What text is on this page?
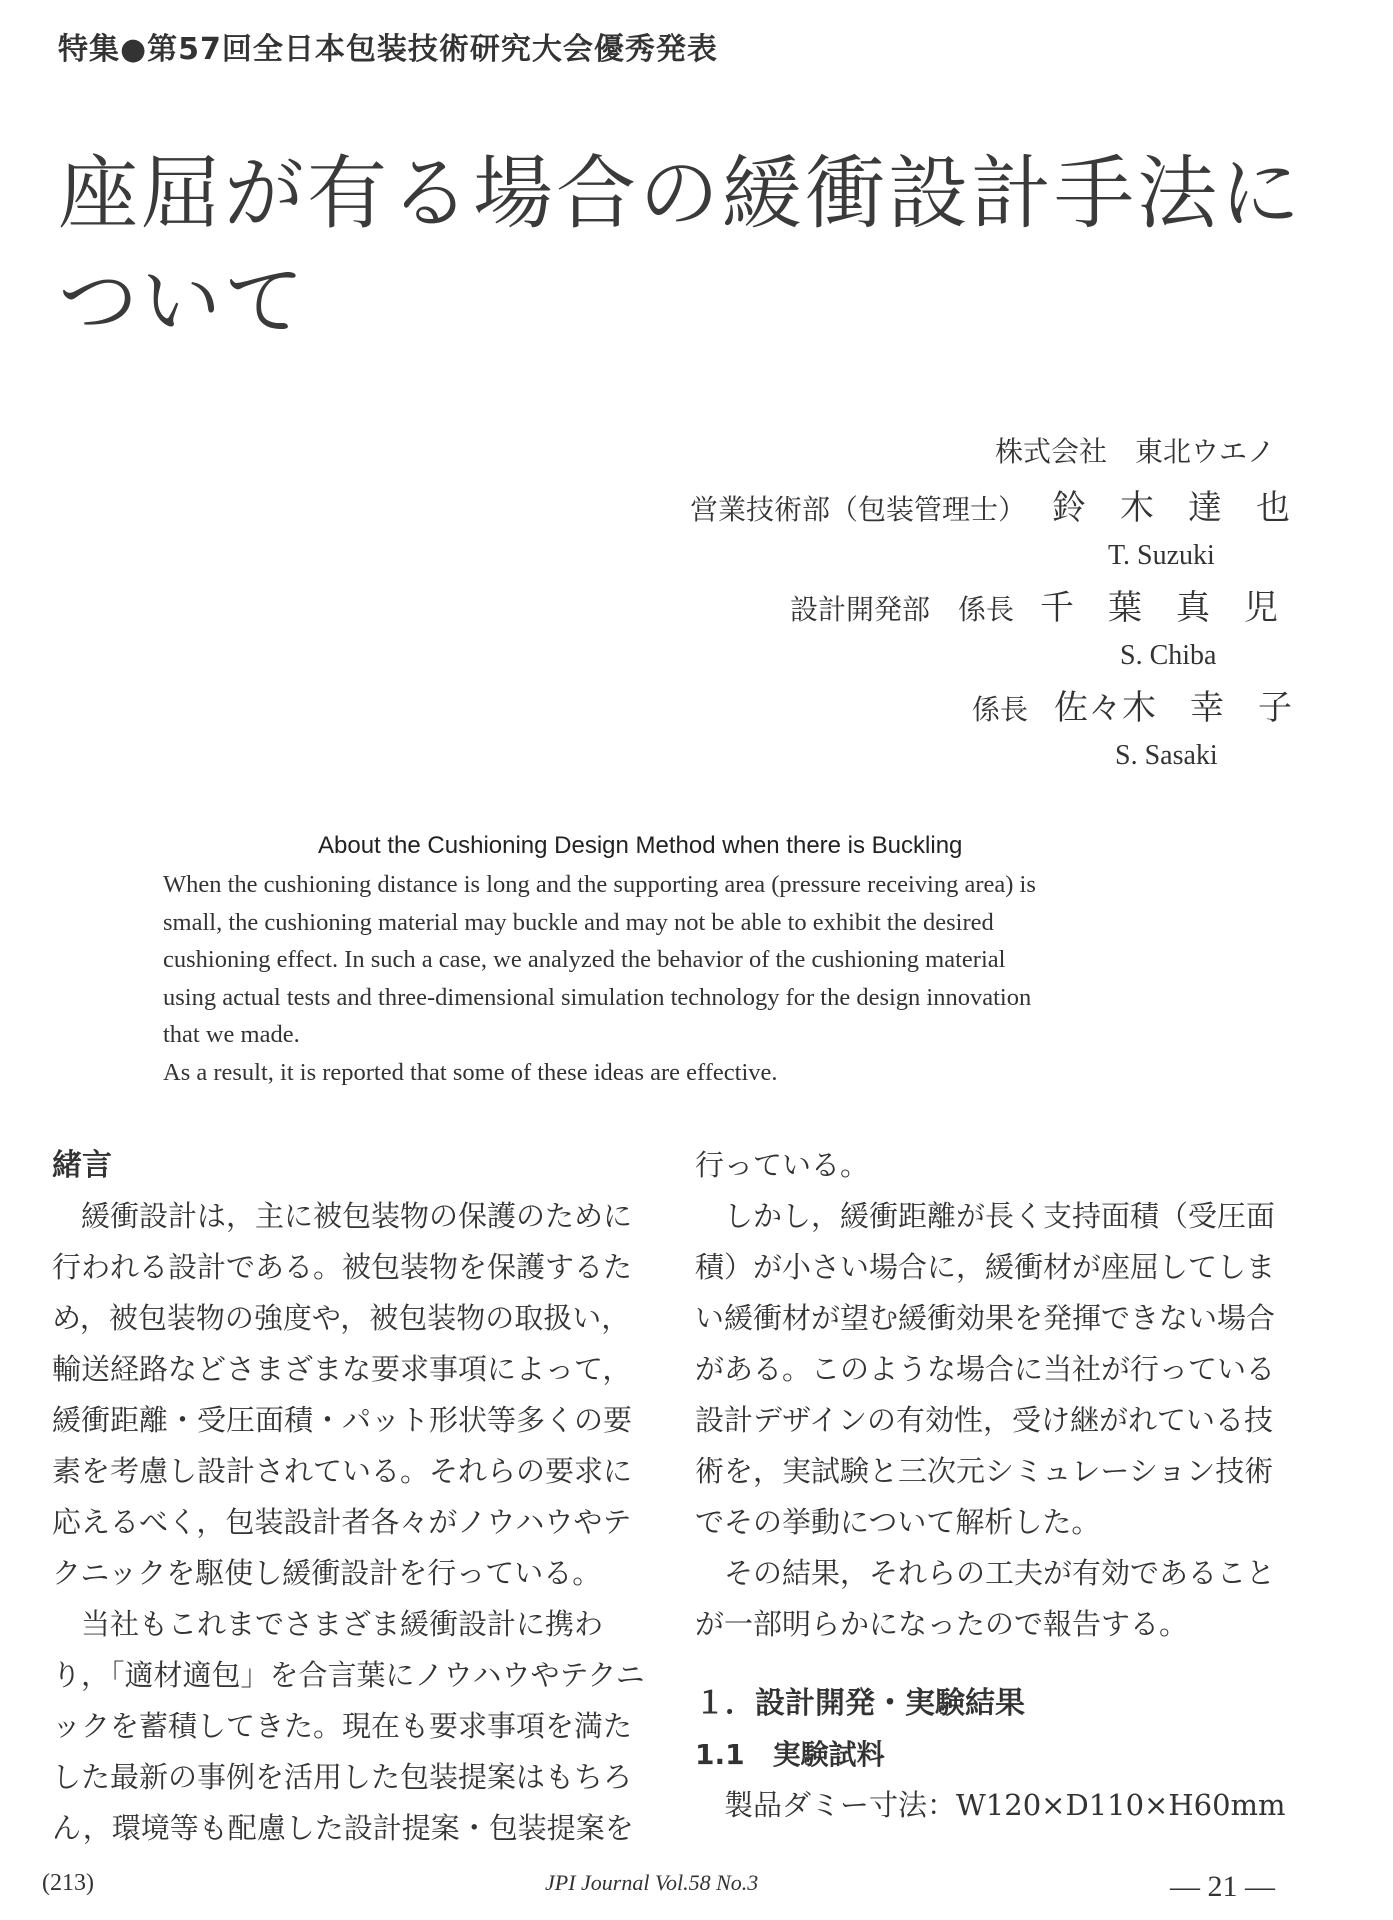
特集●第57回全日本包装技術研究大会優秀発表
座屈が有る場合の緩衝設計手法に
ついて
株式会社　東北ウエノ
営業技術部（包装管理士） 鈴　木　達　也
T. Suzuki
設計開発部　係長 千　葉　真　児
S. Chiba
係長 佐々木　幸　子
S. Sasaki
About the Cushioning Design Method when there is Buckling
When the cushioning distance is long and the supporting area (pressure receiving area) is
small, the cushioning material may buckle and may not be able to exhibit the desired
cushioning effect. In such a case, we analyzed the behavior of the cushioning material
using actual tests and three-dimensional simulation technology for the design innovation
that we made.
As a result, it is reported that some of these ideas are effective.
緒言
　緩衝設計は，主に被包装物の保護のために
行われる設計である。被包装物を保護するた
め，被包装物の強度や，被包装物の取扱い，
輸送経路などさまざまな要求事項によって，
緩衝距離・受圧面積・パット形状等多くの要
素を考慮し設計されている。それらの要求に
応えるべく，包装設計者各々がノウハウやテ
クニックを駆使し緩衝設計を行っている。
　当社もこれまでさまざま緩衝設計に携わ
り，「適材適包」を合言葉にノウハウやテクニ
ックを蓄積してきた。現在も要求事項を満た
した最新の事例を活用した包装提案はもちろ
ん，環境等も配慮した設計提案・包装提案を
行っている。
　しかし，緩衝距離が長く支持面積（受圧面
積）が小さい場合に，緩衝材が座屈してしま
い緩衝材が望む緩衝効果を発揮できない場合
がある。このような場合に当社が行っている
設計デザインの有効性，受け継がれている技
術を，実試験と三次元シミュレーション技術
でその挙動について解析した。
　その結果，それらの工夫が有効であること
が一部明らかになったので報告する。
１．設計開発・実験結果
1.1　実験試料
　製品ダミー寸法：W120×D110×H60mm
(213)	JPI Journal Vol.58 No.3	― 21 ―
